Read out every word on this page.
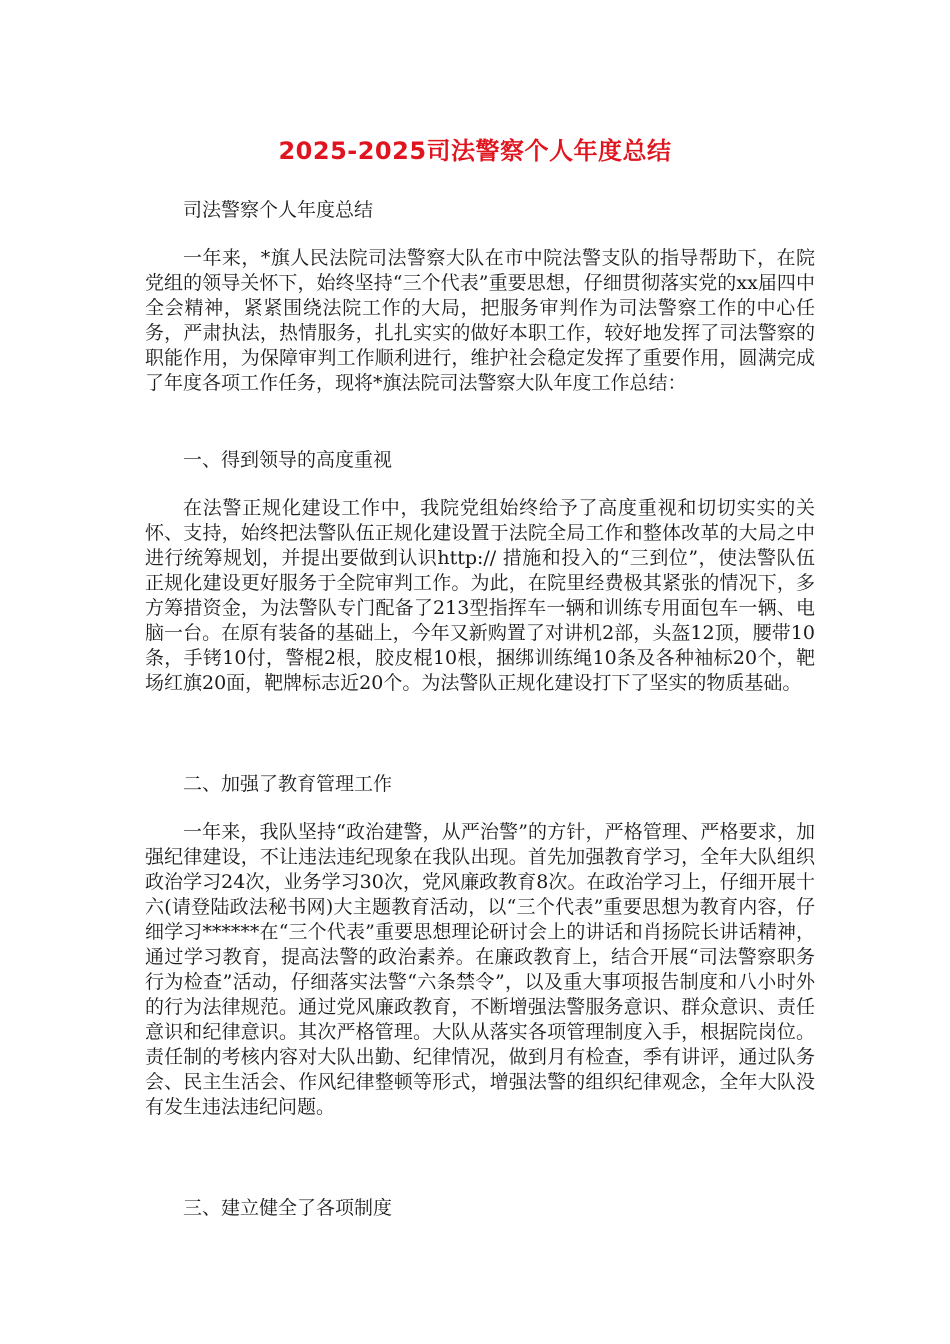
2025-2025司法警察个人年度总结

司法警察个人年度总结

一年来，*旗人民法院司法警察大队在市中院法警支队的指导帮助下，在院党组的领导关怀下，始终坚持“三个代表”重要思想，仔细贯彻落实党的xx届四中全会精神，紧紧围绕法院工作的大局，把服务审判作为司法警察工作的中心任务，严肃执法，热情服务，扎扎实实的做好本职工作，较好地发挥了司法警察的职能作用，为保障审判工作顺利进行，维护社会稳定发挥了重要作用，圆满完成了年度各项工作任务，现将*旗法院司法警察大队年度工作总结：

一、得到领导的高度重视

在法警正规化建设工作中，我院党组始终给予了高度重视和切切实实的关怀、支持，始终把法警队伍正规化建设置于法院全局工作和整体改革的大局之中进行统筹规划，并提出要做到认识http:// 措施和投入的“三到位”，使法警队伍正规化建设更好服务于全院审判工作。为此，在院里经费极其紧张的情况下，多方筹措资金，为法警队专门配备了213型指挥车一辆和训练专用面包车一辆、电脑一台。在原有装备的基础上，今年又新购置了对讲机2部，头盔12顶，腰带10条，手铐10付，警棍2根，胶皮棍10根，捆绑训练绳10条及各种袖标20个，靶场红旗20面，靶牌标志近20个。为法警队正规化建设打下了坚实的物质基础。

二、加强了教育管理工作

一年来，我队坚持“政治建警，从严治警”的方针，严格管理、严格要求，加强纪律建设，不让违法违纪现象在我队出现。首先加强教育学习，全年大队组织政治学习24次，业务学习30次，党风廉政教育8次。在政治学习上，仔细开展十六(请登陆政法秘书网)大主题教育活动，以“三个代表”重要思想为教育内容，仔细学习******在“三个代表”重要思想理论研讨会上的讲话和肖扬院长讲话精神，通过学习教育，提高法警的政治素养。在廉政教育上，结合开展“司法警察职务行为检查”活动，仔细落实法警“六条禁令”，以及重大事项报告制度和八小时外的行为法律规范。通过党风廉政教育，不断增强法警服务意识、群众意识、责任意识和纪律意识。其次严格管理。大队从落实各项管理制度入手，根据院岗位。责任制的考核内容对大队出勤、纪律情况，做到月有检查，季有讲评，通过队务会、民主生活会、作风纪律整顿等形式，增强法警的组织纪律观念，全年大队没有发生违法违纪问题。

三、建立健全了各项制度
